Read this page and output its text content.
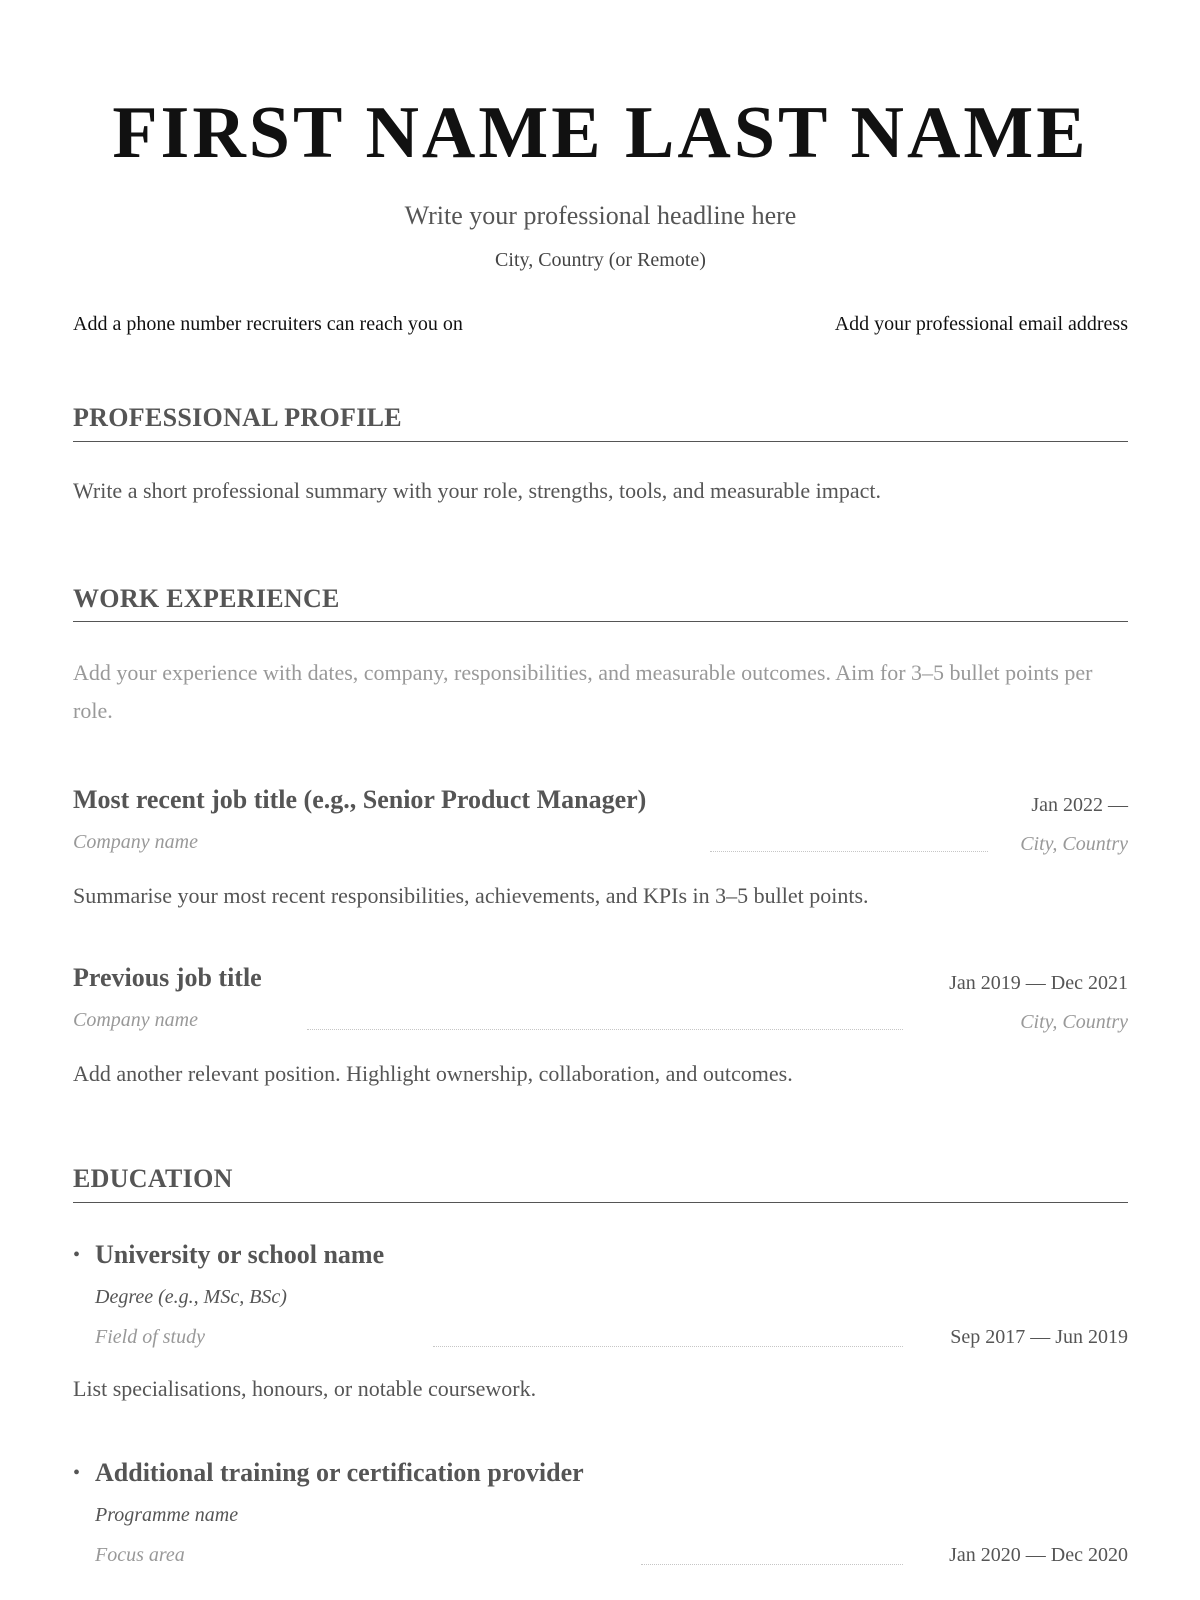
FIRST NAME LAST NAME
Write your professional headline here
City, Country (or Remote)
Add a phone number recruiters can reach you on	Add your professional email address
PROFESSIONAL PROFILE
Write a short professional summary with your role, strengths, tools, and measurable impact.
WORK EXPERIENCE
Add your experience with dates, company, responsibilities, and measurable outcomes. Aim for 3–5 bullet points per role.
Most recent job title (e.g., Senior Product Manager)	Jan 2022 —
Company name	City, Country
Summarise your most recent responsibilities, achievements, and KPIs in 3–5 bullet points.
Previous job title	Jan 2019 — Dec 2021
Company name	City, Country
Add another relevant position. Highlight ownership, collaboration, and outcomes.
EDUCATION
• University or school name
Degree (e.g., MSc, BSc)
Field of study	Sep 2017 — Jun 2019
List specialisations, honours, or notable coursework.
• Additional training or certification provider
Programme name
Focus area	Jan 2020 — Dec 2020
